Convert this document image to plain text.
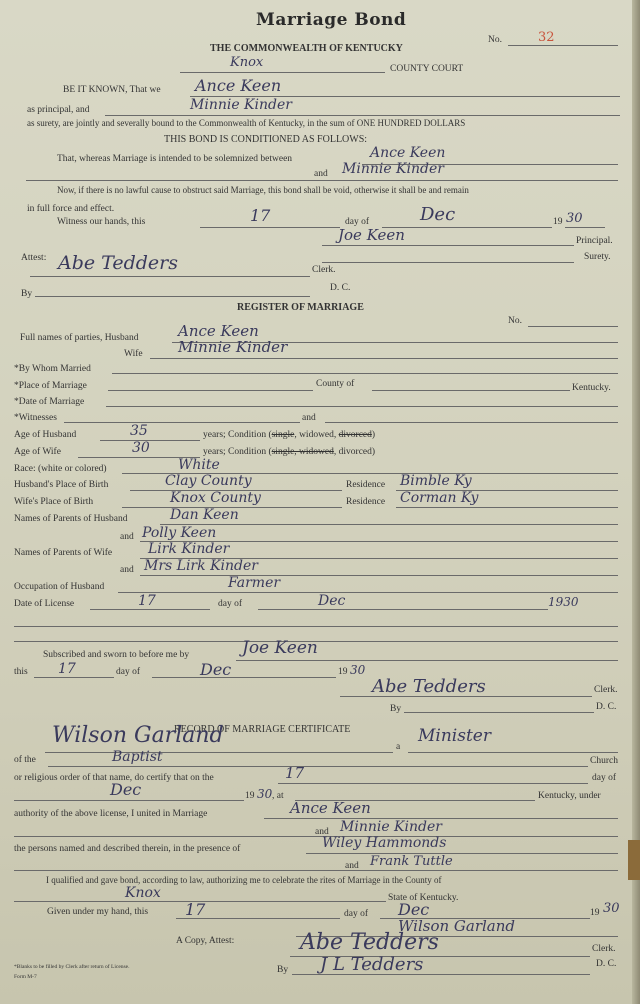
Marriage Bond
No.	32
THE COMMONWEALTH OF KENTUCKY
Knox	COUNTY COURT
BE IT KNOWN, That we Ance Keen
as principal, and	Minnie Kinder
as surety, are jointly and severally bound to the Commonwealth of Kentucky, in the sum of ONE HUNDRED DOLLARS
THIS BOND IS CONDITIONED AS FOLLOWS:
That, whereas Marriage is intended to be solemnized between	Ance Keen
and Minnie Kinder
Now, if there is no lawful cause to obstruct said Marriage, this bond shall be void, otherwise it shall be and remain
in full force and effect.
Witness our hands, this	17	day of	Dec	19 30
Joe Keen	Principal.
Surety.
Attest: Abe Tedders	Clerk.
By
D. C.
REGISTER OF MARRIAGE
No.
Full names of parties, Husband	Ance Keen
Wife Minnie Kinder
*By Whom Married
*Place of Marriage	County of	Kentucky.
*Date of Marriage
*Witnesses	and
Age of Husband	35	years; Condition (single, widowed, divorced)
Age of Wife	30	years; Condition (single, widowed, divorced)
Race: (white or colored)	White
Husband's Place of Birth	Clay County	Residence Bimble Ky
Wife's Place of Birth	Knox County	Residence Corman Ky
Names of Parents of Husband	Dan Keen
and Polly Keen
Names of Parents of Wife	Lirk Kinder
and Mrs Lirk Kinder
Occupation of Husband	Farmer
Date of License	17	day of	Dec	1930
Subscribed and sworn to before me by	Joe Keen
this 17	day of	Dec	19 30
Abe Tedders	Clerk.
By	D. C.
RECORD OF MARRIAGE CERTIFICATE
Wilson Garland	a
Minister
of the	Baptist	Church
or religious order of that name, do certify that on the	17	day of
Dec	19 30 , at	Kentucky, under
authority of the above license, I united in Marriage	Ance Keen
and Minnie Kinder
the persons named and described therein, in the presence of	Wiley Hammonds
and Frank Tuttle
I qualified and gave bond, according to law, authorizing me to celebrate the rites of Marriage in the County of
Knox	State of Kentucky.
Given under my hand, this 17	day of Dec	19 30
Wilson Garland
A Copy, Attest:	Abe Tedders	Clerk.
By J L Tedders	D. C.
*Blanks to be filled by Clerk after return of License.
Form M-7
